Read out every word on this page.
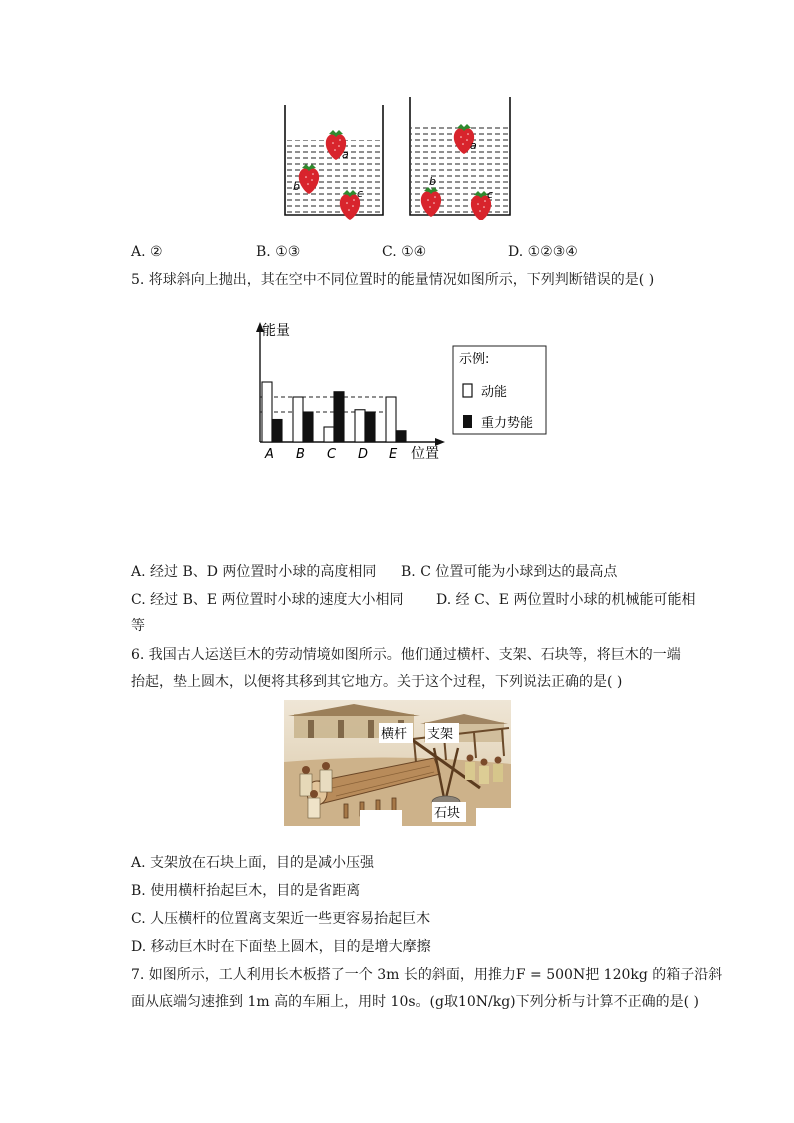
a
b
c
a
b
c
A. ②	B. ①③	C. ①④	D. ①②③④
5. 将球斜向上抛出，其在空中不同位置时的能量情况如图所示，下列判断错误的是( )
A B C D E
能量
位置
示例:
动能
重力势能
A. 经过 B、D 两位置时小球的高度相同 B. C 位置可能为小球到达的最高点
C. 经过 B、E 两位置时小球的速度大小相同 D. 经 C、E 两位置时小球的机械能可能相
等
6. 我国古人运送巨木的劳动情境如图所示。他们通过横杆、支架、石块等，将巨木的一端
抬起，垫上圆木，以便将其移到其它地方。关于这个过程，下列说法正确的是( )
横杆 支架
石块
A. 支架放在石块上面，目的是减小压强
B. 使用横杆抬起巨木，目的是省距离
C. 人压横杆的位置离支架近一些更容易抬起巨木
D. 移动巨木时在下面垫上圆木，目的是增大摩擦
7. 如图所示，工人利用长木板搭了一个 3m 长的斜面，用推力F = 500N把 120kg 的箱子沿斜
面从底端匀速推到 1m 高的车厢上，用时 10s。(g取10N/kg)下列分析与计算不正确的是( )
